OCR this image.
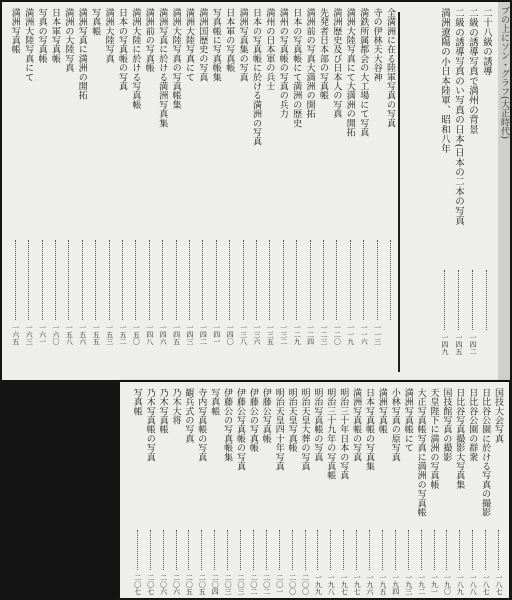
ブの上にソン・グラフ(大正時代)
二十八級の誘導
二級の誘導写真で満州の背景
一四二
二級の誘導写真のい写真の日本(日本の二本の写真
一四五
満洲遼陽の小日本陸軍、昭和八年
一四九
全満洲に在る陸軍写真の写真
寺の伊林天大谷神
一一三
満鉄所属都会の大工場にて写真
一一六
満洲大陸写真にて大満洲の開拓
一一九
満洲歴史及び日本人の写真
一二〇
先発者日本部の写真帳
一二三
満洲前の写真大満洲の開拓
一二四
日本の写真帳にて満洲の歴史
一二九
満州の写真帳の写真の兵力
一三二
満州の日本軍の兵士
一三五
日本の写真帳に於ける満洲の写真
一三六
満洲写真集の写真
一三八
日本軍の写真帳
一四〇
写真帳に写真帳集
一四一
満洲国歴史の写真
一四二
満洲大陸写真にて
一四三
満洲大陸写真の写真帳集
一四五
満洲写真に於ける満洲写真集
一四六
満洲前の写真帳
一四八
満洲大陸に於ける写真帳
一五〇
日本の写真帳の写真
一五二
満洲大陸写真
一五三
写真帳
一五五
満洲写真に満洲の開拓
一五六
満洲の大陸写真
一五八
日本軍写真帳
一六〇
写真の写真帳
一六一
満洲大陸写真にて
一六三
満洲写真帳
一六五
国技大会写真
一八七
日比谷公園に於ける写真の撮影
一八七
日比谷公園の群衆
一八八
日比谷写真撮影大写真集
一八九
国技館写真の撮影
一九〇
天皇陛下に満洲の写真帳
一九一
大正写真帳写真に満洲の写真帳
一九二
満洲写真帳にて
一九三
小林写真の原写真
一九四
満洲写真帳
一九五
日本写真帳の写真集
一九六
満洲写真帳の写真
一九七
明治三十年日本の写真
一九七
明治三十九年の写真帳
一九八
明治写真帳の写真
一九九
明治天皇大葬の写真
二〇〇
明治天皇写真帳
二〇〇
明治天皇四十年写真
二〇一
伊藤公写真帳
二〇二
伊藤公の写真帳
二〇二
伊藤公写真帳の写真
二〇三
伊藤公の写真帳集
二〇三
写真帳
二〇四
寺内写真帳の写真
二〇五
観兵式の写真
二〇五
乃木大将
二〇六
乃木写真帳
二〇六
乃木写真帳の写真
二〇七
写真帳
二〇七
